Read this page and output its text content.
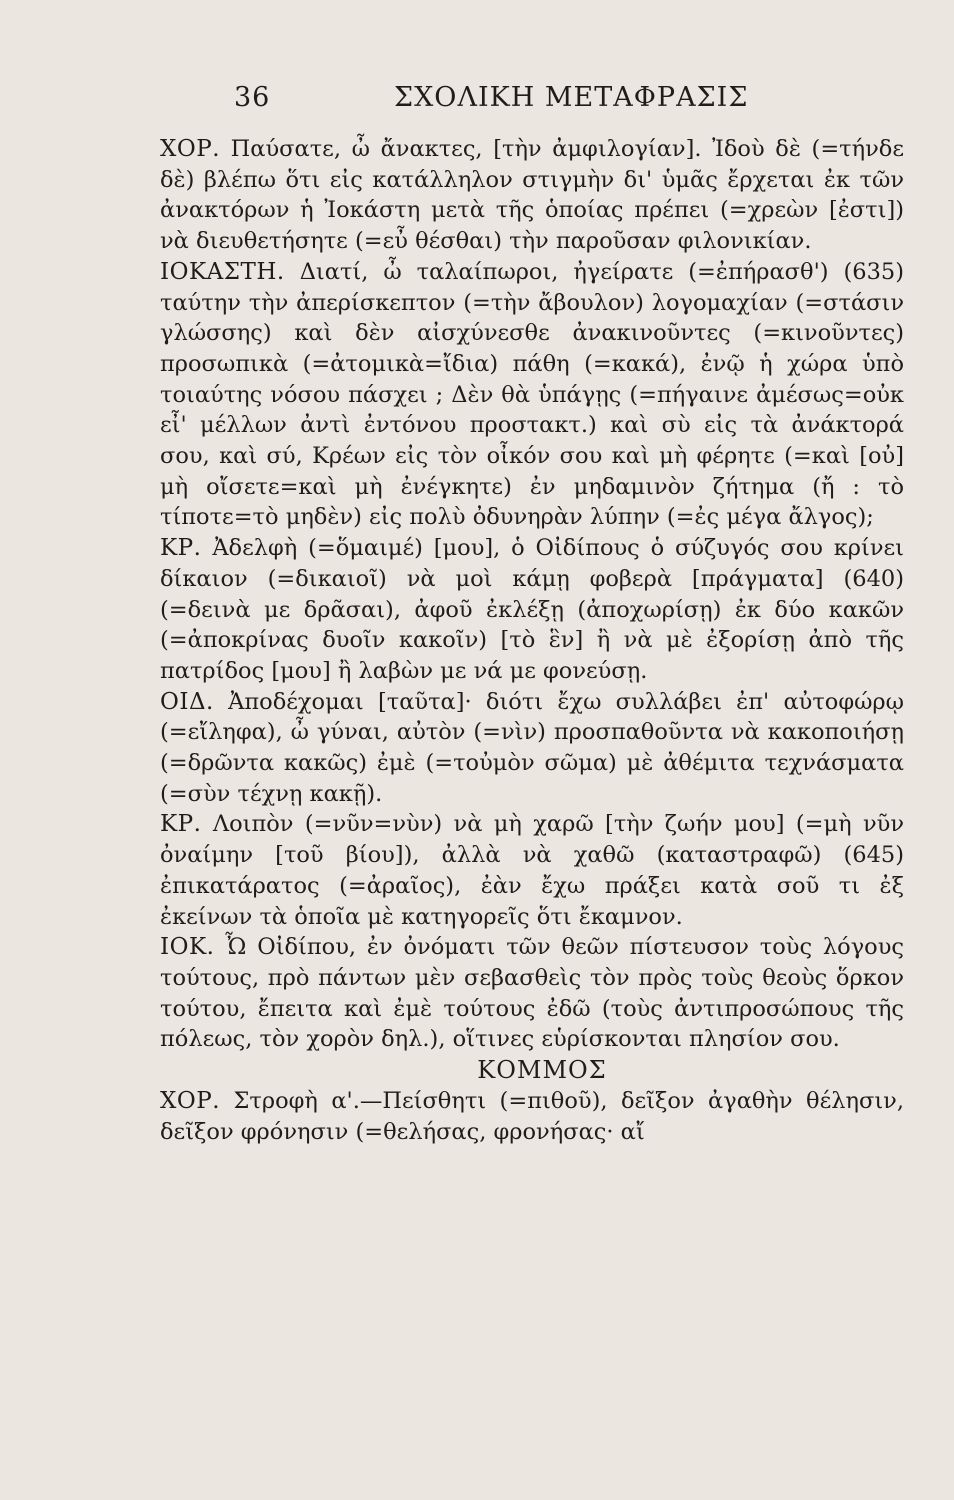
36	ΣΧΟΛΙΚΗ ΜΕΤΑΦΡΑΣΙΣ

ΧΟΡ. Παύσατε, ὦ ἄνακτες, [τὴν ἀμφιλογίαν]. Ἰδοὺ δὲ (=τήνδε δὲ) βλέπω ὅτι εἰς κατάλληλον στιγμὴν δι' ὑμᾶς ἔρχεται ἐκ τῶν ἀνακτόρων ἡ Ἰοκάστη μετὰ τῆς ὁποίας πρέπει (=χρεὼν [ἐστι]) νὰ διευθετήσητε (=εὖ θέσθαι) τὴν παροῦσαν φιλονικίαν.

ΙΟΚΑΣΤΗ. Διατί, ὦ ταλαίπωροι, ἠγείρατε (=ἐπήρασθ') (635) ταύτην τὴν ἀπερίσκεπτον (=τὴν ἄβουλον) λογομαχίαν (=στάσιν γλώσσης) καὶ δὲν αἰσχύνεσθε ἀνακινοῦντες (=κινοῦντες) προσωπικὰ (=ἀτομικὰ=ἴδια) πάθη (=κακά), ἐνῷ ἡ χώρα ὑπὸ τοιαύτης νόσου πάσχει ; Δὲν θὰ ὑπάγῃς (=πήγαινε ἀμέσως=οὐκ εἶ' μέλλων ἀντὶ ἐντόνου προστακτ.) καὶ σὺ εἰς τὰ ἀνάκτορά σου, καὶ σύ, Κρέων εἰς τὸν οἶκόν σου καὶ μὴ φέρητε (=καὶ [οὐ] μὴ οἴσετε=καὶ μὴ ἐνέγκητε) ἐν μηδαμινὸν ζήτημα (ἤ : τὸ τίποτε=τὸ μηδὲν) εἰς πολὺ ὀδυνηρὰν λύπην (=ἐς μέγα ἄλγος);

ΚΡ. Ἀδελφὴ (=ὅμαιμέ) [μου], ὁ Οἰδίπους ὁ σύζυγός σου κρίνει δίκαιον (=δικαιοῖ) νὰ μοὶ κάμῃ φοβερὰ [πράγματα] (640) (=δεινὰ με δρᾶσαι), ἀφοῦ ἐκλέξῃ (ἀποχωρίσῃ) ἐκ δύο κακῶν (=ἀποκρίνας δυοῖν κακοῖν) [τὸ ἓν] ἢ νὰ μὲ ἐξορίσῃ ἀπὸ τῆς πατρίδος [μου] ἢ λαβὼν με νά με φονεύσῃ.

ΟΙΔ. Ἀποδέχομαι [ταῦτα]· διότι ἔχω συλλάβει ἐπ' αὐτοφώρῳ (=εἴληφα), ὦ γύναι, αὐτὸν (=νὶν) προσπαθοῦντα νὰ κακοποιήσῃ (=δρῶντα κακῶς) ἐμὲ (=τοὐμὸν σῶμα) μὲ ἀθέμιτα τεχνάσματα (=σὺν τέχνῃ κακῇ).

ΚΡ. Λοιπὸν (=νῦν=νὺν) νὰ μὴ χαρῶ [τὴν ζωήν μου] (=μὴ νῦν ὀναίμην [τοῦ βίου]), ἀλλὰ νὰ χαθῶ (καταστραφῶ) (645) ἐπικατάρατος (=ἀραῖος), ἐὰν ἔχω πράξει κατὰ σοῦ τι ἐξ ἐκείνων τὰ ὁποῖα μὲ κατηγορεῖς ὅτι ἔκαμνον.

ΙΟΚ. Ὦ Οἰδίπου, ἐν ὀνόματι τῶν θεῶν πίστευσον τοὺς λόγους τούτους, πρὸ πάντων μὲν σεβασθεὶς τὸν πρὸς τοὺς θεοὺς ὅρκον τούτου, ἔπειτα καὶ ἐμὲ τούτους ἐδῶ (τοὺς ἀντιπροσώπους τῆς πόλεως, τὸν χορὸν δηλ.), οἵτινες εὑρίσκονται πλησίον σου.

ΚΟΜΜΟΣ

ΧΟΡ. Στροφὴ α'.—Πείσθητι (=πιθοῦ), δεῖξον ἀγαθὴν θέλησιν, δεῖξον φρόνησιν (=θελήσας, φρονήσας· αἴ
